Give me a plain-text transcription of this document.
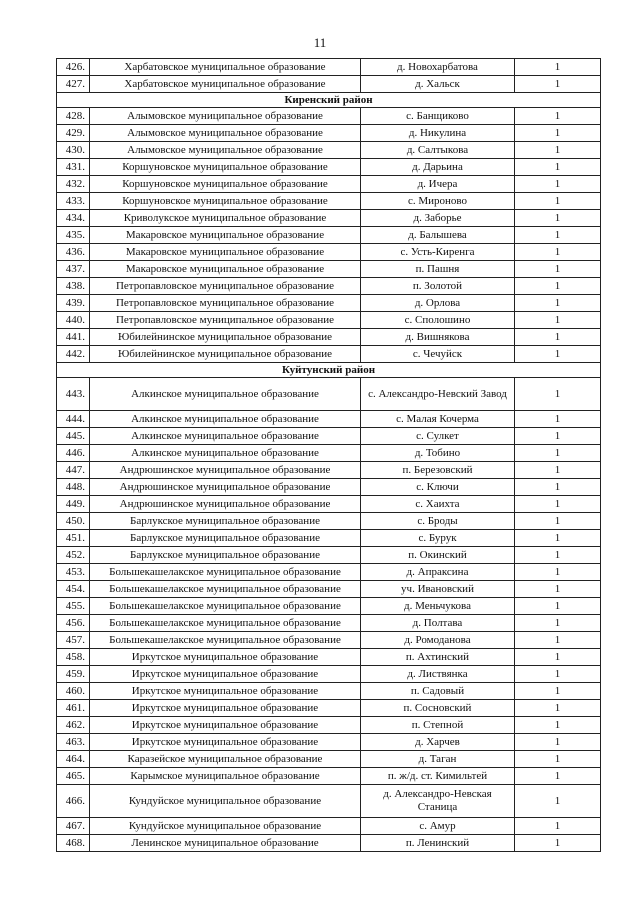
11
426.	Харбатовское муниципальное образование	д. Новохарбатова	1
427.	Харбатовское муниципальное образование	д. Хальск	1
Киренский район			
428.	Алымовское муниципальное образование	с. Банщиково	1
429.	Алымовское муниципальное образование	д. Никулина	1
430.	Алымовское муниципальное образование	д. Салтыкова	1
431.	Коршуновское муниципальное образование	д. Дарьина	1
432.	Коршуновское муниципальное образование	д. Ичера	1
433.	Коршуновское муниципальное образование	с. Мироново	1
434.	Криволукское муниципальное образование	д. Заборье	1
435.	Макаровское муниципальное образование	д. Балышева	1
436.	Макаровское муниципальное образование	с. Усть-Киренга	1
437.	Макаровское муниципальное образование	п. Пашня	1
438.	Петропавловское муниципальное образование	п. Золотой	1
439.	Петропавловское муниципальное образование	д. Орлова	1
440.	Петропавловское муниципальное образование	с. Сполошино	1
441.	Юбилейнинское муниципальное образование	д. Вишнякова	1
442.	Юбилейнинское муниципальное образование	с. Чечуйск	1
Куйтунский район			
443.	Алкинское муниципальное образование	с. Александро-Невский Завод	1
444.	Алкинское муниципальное образование	с. Малая Кочерма	1
445.	Алкинское муниципальное образование	с. Сулкет	1
446.	Алкинское муниципальное образование	д. Тобино	1
447.	Андрюшинское муниципальное образование	п. Березовский	1
448.	Андрюшинское муниципальное образование	с. Ключи	1
449.	Андрюшинское муниципальное образование	с. Хаихта	1
450.	Барлукское муниципальное образование	с. Броды	1
451.	Барлукское муниципальное образование	с. Бурук	1
452.	Барлукское муниципальное образование	п. Окинский	1
453.	Большекашелакское муниципальное образование	д. Апраксина	1
454.	Большекашелакское муниципальное образование	уч. Ивановский	1
455.	Большекашелакское муниципальное образование	д. Меньчукова	1
456.	Большекашелакское муниципальное образование	д. Полтава	1
457.	Большекашелакское муниципальное образование	д. Ромоданова	1
458.	Иркутское муниципальное образование	п. Ахтинский	1
459.	Иркутское муниципальное образование	д. Листвянка	1
460.	Иркутское муниципальное образование	п. Садовый	1
461.	Иркутское муниципальное образование	п. Сосновский	1
462.	Иркутское муниципальное образование	п. Степной	1
463.	Иркутское муниципальное образование	д. Харчев	1
464.	Каразейское муниципальное образование	д. Таган	1
465.	Карымское муниципальное образование	п. ж/д. ст. Кимильтей	1
466.	Кундуйское муниципальное образование	д. Александро-Невская Станица	1
467.	Кундуйское муниципальное образование	с. Амур	1
468.	Ленинское муниципальное образование	п. Ленинский	1
